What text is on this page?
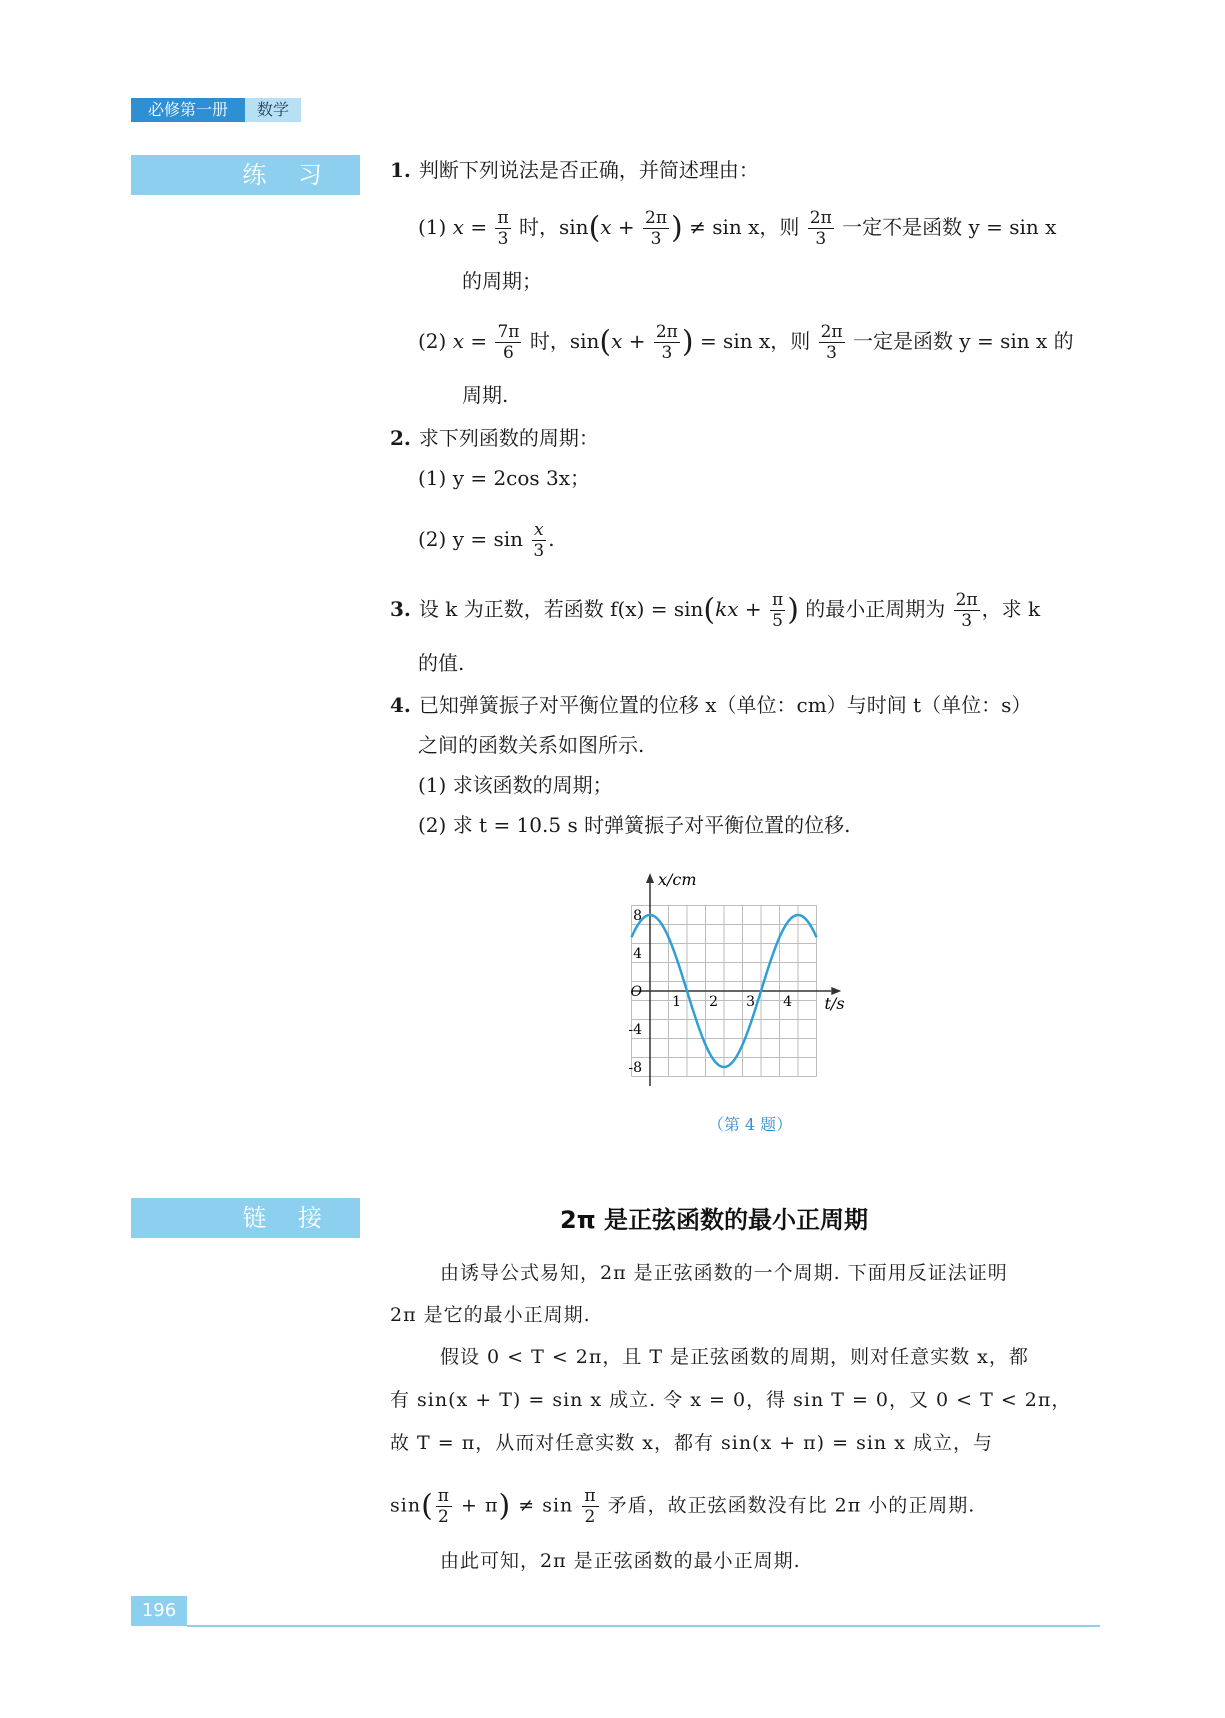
必修第一册	数学
练 习	1. 判断下列说法是否正确，并简述理由：
(1) $x = \frac{\pi}{3}$ 时，$\sin(x + \frac{2\pi}{3}$ ) ≠ sin x，则 $\frac{2\pi}{3}$ 一定不是函数 y = sin x
的周期；
(2) $x = \frac{7\pi}{6}$ 时，$\sin(x + \frac{2\pi}{3}$ ) = sin x，则 $\frac{2\pi}{3}$ 一定是函数 y = sin x 的
周期.
2. 求下列函数的周期：
(1) y = 2cos 3x；
(2) $y = \sin \frac{x}{3}$ .
3. 设 k 为正数，若函数 $f(x) = \sin(kx + \frac{\pi}{5}$ ) 的最小正周期为 $\frac{2\pi}{3}$ ，求 k
的值.
4. 已知弹簧振子对平衡位置的位移 x（单位：cm）与时间 t（单位：s）
之间的函数关系如图所示.
(1) 求该函数的周期；
(2) 求 t = 10.5 s 时弹簧振子对平衡位置的位移.
1 2 3 4
8
4
O
-4
-8
x/cm
t/s
（第 4 题）
链 接	2π 是正弦函数的最小正周期
由诱导公式易知，2π 是正弦函数的一个周期. 下面用反证法证明
2π 是它的最小正周期.
假设 0 < T < 2π，且 T 是正弦函数的周期，则对任意实数 x，都
有 sin(x + T) = sin x 成立. 令 x = 0，得 sin T = 0，又 0 < T < 2π，
故 T = π，从而对任意实数 x，都有 sin(x + π) = sin x 成立，与
$\sin( \frac{\pi}{2} + \pi) \ne \sin \frac{\pi}{2}$ 矛盾，故正弦函数没有比 2π 小的正周期.
由此可知，2π 是正弦函数的最小正周期.
196
